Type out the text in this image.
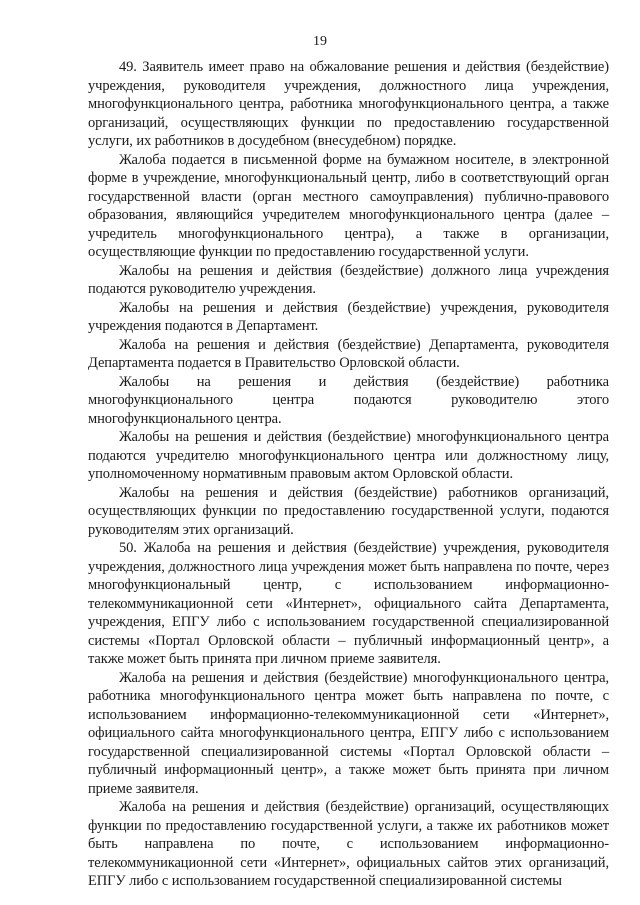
19

49. Заявитель имеет право на обжалование решения и действия (бездействие) учреждения, руководителя учреждения, должностного лица учреждения, многофункционального центра, работника многофункционального центра, а также организаций, осуществляющих функции по предоставлению государственной услуги, их работников в досудебном (внесудебном) порядке.

Жалоба подается в письменной форме на бумажном носителе, в электронной форме в учреждение, многофункциональный центр, либо в соответствующий орган государственной власти (орган местного самоуправления) публично-правового образования, являющийся учредителем многофункционального центра (далее – учредитель многофункционального центра), а также в организации, осуществляющие функции по предоставлению государственной услуги.

Жалобы на решения и действия (бездействие) должного лица учреждения подаются руководителю учреждения.

Жалобы на решения и действия (бездействие) учреждения, руководителя учреждения подаются в Департамент.

Жалоба на решения и действия (бездействие) Департамента, руководителя Департамента подается в Правительство Орловской области.

Жалобы на решения и действия (бездействие) работника многофункционального центра подаются руководителю этого многофункционального центра.

Жалобы на решения и действия (бездействие) многофункционального центра подаются учредителю многофункционального центра или должностному лицу, уполномоченному нормативным правовым актом Орловской области.

Жалобы на решения и действия (бездействие) работников организаций, осуществляющих функции по предоставлению государственной услуги, подаются руководителям этих организаций.

50. Жалоба на решения и действия (бездействие) учреждения, руководителя учреждения, должностного лица учреждения может быть направлена по почте, через многофункциональный центр, с использованием информационно-телекоммуникационной сети «Интернет», официального сайта Департамента, учреждения, ЕПГУ либо с использованием государственной специализированной системы «Портал Орловской области – публичный информационный центр», а также может быть принята при личном приеме заявителя.

Жалоба на решения и действия (бездействие) многофункционального центра, работника многофункционального центра может быть направлена по почте, с использованием информационно-телекоммуникационной сети «Интернет», официального сайта многофункционального центра, ЕПГУ либо с использованием государственной специализированной системы «Портал Орловской области – публичный информационный центр», а также может быть принята при личном приеме заявителя.

Жалоба на решения и действия (бездействие) организаций, осуществляющих функции по предоставлению государственной услуги, а также их работников может быть направлена по почте, с использованием информационно-телекоммуникационной сети «Интернет», официальных сайтов этих организаций, ЕПГУ либо с использованием государственной специализированной системы
